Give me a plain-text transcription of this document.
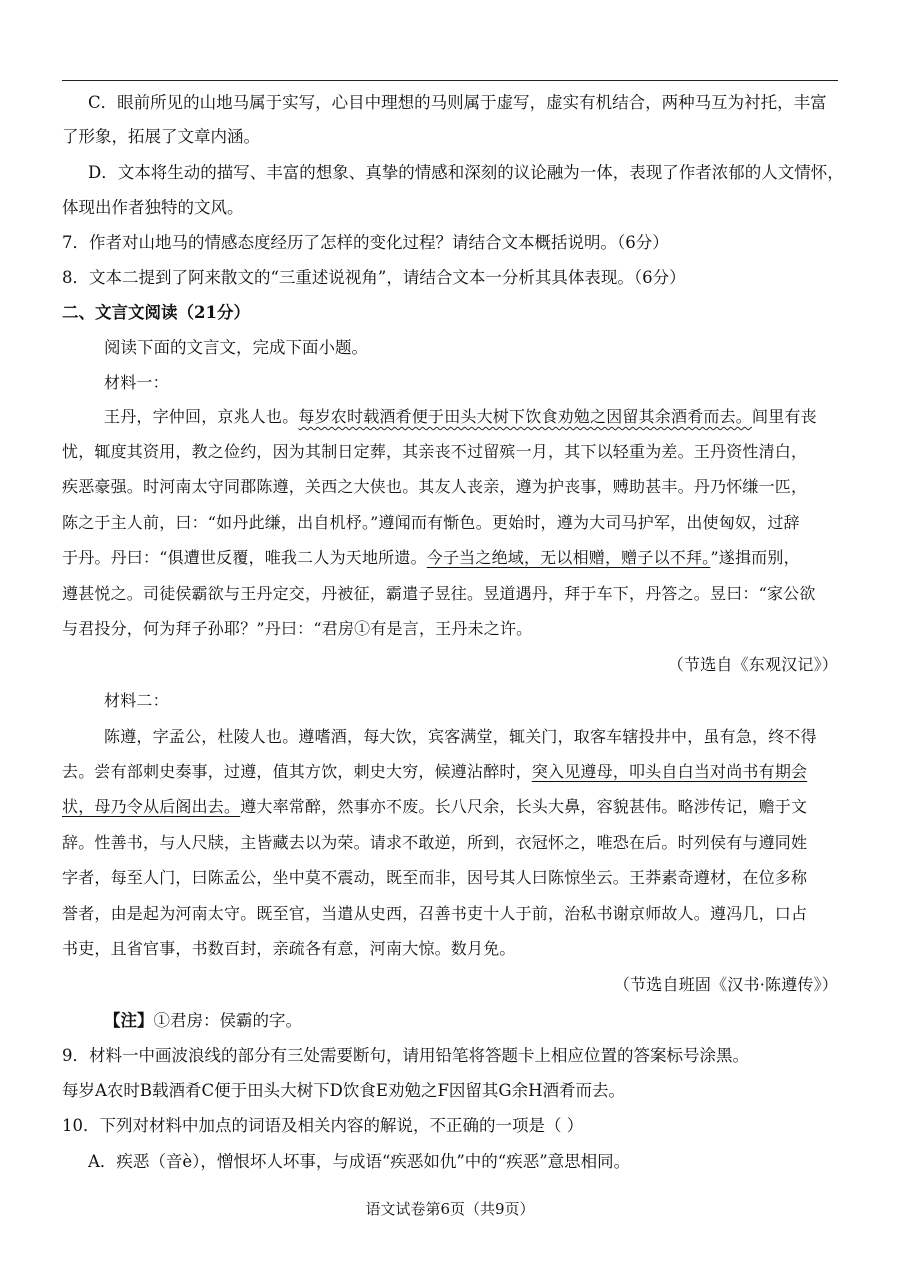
C．眼前所见的山地马属于实写，心目中理想的马则属于虚写，虚实有机结合，两种马互为衬托，丰富
了形象，拓展了文章内涵。
D．文本将生动的描写、丰富的想象、真挚的情感和深刻的议论融为一体，表现了作者浓郁的人文情怀，
体现出作者独特的文风。
7．作者对山地马的情感态度经历了怎样的变化过程？请结合文本概括说明。（6分）
8．文本二提到了阿来散文的“三重述说视角”，请结合文本一分析其具体表现。（6分）
二、文言文阅读（21分）
阅读下面的文言文，完成下面小题。
材料一：
王丹，字仲回，京兆人也。每岁农时载酒肴便于田头大树下饮食劝勉之因留其余酒肴而去。闾里有丧
忧，辄度其资用，教之俭约，因为其制日定葬，其亲丧不过留殡一月，其下以轻重为差。王丹资性清白，
疾恶豪强。时河南太守同郡陈遵，关西之大侠也。其友人丧亲，遵为护丧事，赙助甚丰。丹乃怀缣一匹，
陈之于主人前，曰：“如丹此缣，出自机杼。”遵闻而有惭色。更始时，遵为大司马护军，出使匈奴，过辞
于丹。丹曰：“俱遭世反覆，唯我二人为天地所遗。今子当之绝域，无以相赠，赠子以不拜。”遂揖而别，
遵甚悦之。司徒侯霸欲与王丹定交，丹被征，霸遣子昱往。昱道遇丹，拜于车下，丹答之。昱曰：“家公欲
与君投分，何为拜子孙耶？”丹曰：“君房①有是言，王丹未之许。
（节选自《东观汉记》）
材料二：
陈遵，字孟公，杜陵人也。遵嗜酒，每大饮，宾客满堂，辄关门，取客车辖投井中，虽有急，终不得
去。尝有部刺史奏事，过遵，值其方饮，刺史大穷，候遵沾醉时，突入见遵母，叩头自白当对尚书有期会
状，母乃令从后阁出去。遵大率常醉，然事亦不废。长八尺余，长头大鼻，容貌甚伟。略涉传记，赡于文
辞。性善书，与人尺牍，主皆藏去以为荣。请求不敢逆，所到，衣冠怀之，唯恐在后。时列侯有与遵同姓
字者，每至人门，曰陈孟公，坐中莫不震动，既至而非，因号其人曰陈惊坐云。王莽素奇遵材，在位多称
誉者，由是起为河南太守。既至官，当遣从史西，召善书吏十人于前，治私书谢京师故人。遵冯几，口占
书吏，且省官事，书数百封，亲疏各有意，河南大惊。数月免。
（节选自班固《汉书·陈遵传》）
【注】①君房：侯霸的字。
9．材料一中画波浪线的部分有三处需要断句，请用铅笔将答题卡上相应位置的答案标号涂黑。
每岁A农时B载酒肴C便于田头大树下D饮食E劝勉之F因留其G余H酒肴而去。
10．下列对材料中加点的词语及相关内容的解说，不正确的一项是（ ）
A．疾恶（音è），憎恨坏人坏事，与成语“疾恶如仇”中的“疾恶”意思相同。
语文试卷第6页（共9页）
